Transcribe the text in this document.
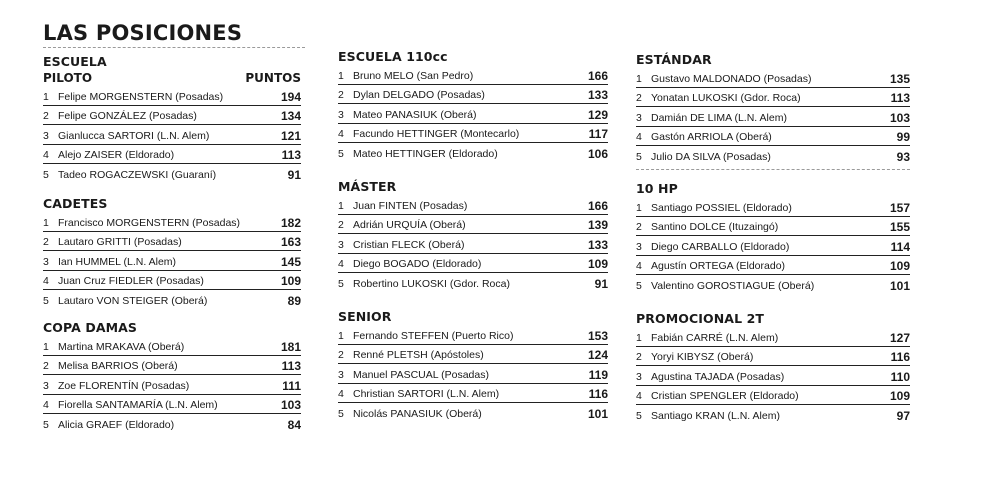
LAS POSICIONES
ESCUELA
PILOTO	PUNTOS
1 Felipe MORGENSTERN (Posadas)	194
2 Felipe GONZÁLEZ (Posadas)	134
3 Gianlucca SARTORI (L.N. Alem)	121
4 Alejo ZAISER (Eldorado)	113
5 Tadeo ROGACZEWSKI (Guaraní)	91
CADETES
1 Francisco MORGENSTERN (Posadas)	182
2 Lautaro GRITTI (Posadas)	163
3 Ian HUMMEL (L.N. Alem)	145
4 Juan Cruz FIEDLER (Posadas)	109
5 Lautaro VON STEIGER (Oberá)	89
COPA DAMAS
1 Martina MRAKAVA (Oberá)	181
2 Melisa BARRIOS (Oberá)	113
3 Zoe FLORENTÍN (Posadas)	111
4 Fiorella SANTAMARÍA (L.N. Alem)	103
5 Alicia GRAEF (Eldorado)	84
ESCUELA 110cc
1 Bruno MELO (San Pedro)	166
2 Dylan DELGADO (Posadas)	133
3 Mateo PANASIUK (Oberá)	129
4 Facundo HETTINGER (Montecarlo)	117
5 Mateo HETTINGER (Eldorado)	106
MÁSTER
1 Juan FINTEN (Posadas)	166
2 Adrián URQUÍA (Oberá)	139
3 Cristian FLECK (Oberá)	133
4 Diego BOGADO (Eldorado)	109
5 Robertino LUKOSKI (Gdor. Roca)	91
SENIOR
1 Fernando STEFFEN (Puerto Rico)	153
2 Renné PLETSH (Apóstoles)	124
3 Manuel PASCUAL (Posadas)	119
4 Christian SARTORI (L.N. Alem)	116
5 Nicolás PANASIUK (Oberá)	101
ESTÁNDAR
1 Gustavo MALDONADO (Posadas)	135
2 Yonatan LUKOSKI (Gdor. Roca)	113
3 Damián DE LIMA (L.N. Alem)	103
4 Gastón ARRIOLA (Oberá)	99
5 Julio DA SILVA (Posadas)	93
10 HP
1 Santiago POSSIEL (Eldorado)	157
2 Santino DOLCE (Ituzaingó)	155
3 Diego CARBALLO (Eldorado)	114
4 Agustín ORTEGA (Eldorado)	109
5 Valentino GOROSTIAGUE (Oberá)	101
PROMOCIONAL 2T
1 Fabián CARRÉ (L.N. Alem)	127
2 Yoryi KIBYSZ (Oberá)	116
3 Agustina TAJADA (Posadas)	110
4 Cristian SPENGLER (Eldorado)	109
5 Santiago KRAN (L.N. Alem)	97
